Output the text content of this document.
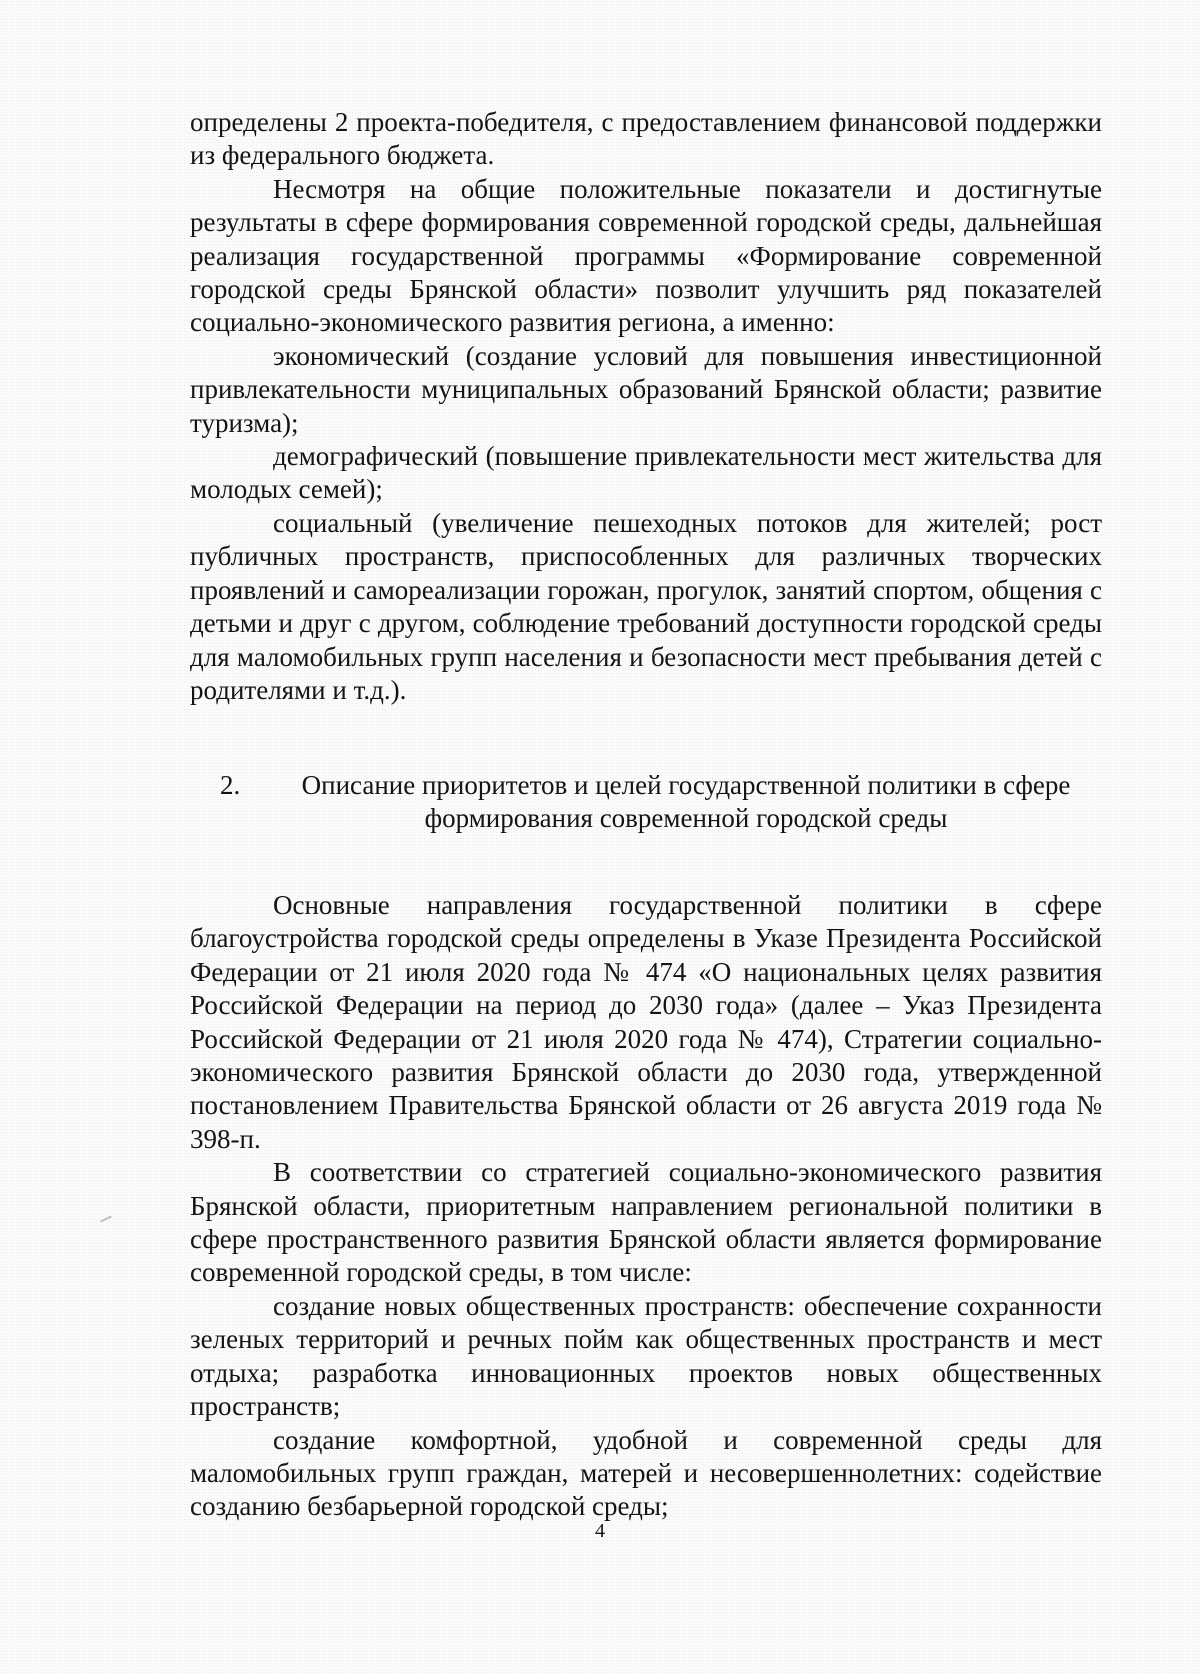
определены 2 проекта-победителя, с предоставлением финансовой поддержки из федерального бюджета.

Несмотря на общие положительные показатели и достигнутые результаты в сфере формирования современной городской среды, дальнейшая реализация государственной программы «Формирование современной городской среды Брянской области» позволит улучшить ряд показателей социально-экономического развития региона, а именно:

экономический (создание условий для повышения инвестиционной привлекательности муниципальных образований Брянской области; развитие туризма);

демографический (повышение привлекательности мест жительства для молодых семей);

социальный (увеличение пешеходных потоков для жителей; рост публичных пространств, приспособленных для различных творческих проявлений и самореализации горожан, прогулок, занятий спортом, общения с детьми и друг с другом, соблюдение требований доступности городской среды для маломобильных групп населения и безопасности мест пребывания детей с родителями и т.д.).

2.	Описание приоритетов и целей государственной политики в сфере формирования современной городской среды

Основные направления государственной политики в сфере благоустройства городской среды определены в Указе Президента Российской Федерации от 21 июля 2020 года № 474 «О национальных целях развития Российской Федерации на период до 2030 года» (далее – Указ Президента Российской Федерации от 21 июля 2020 года № 474), Стратегии социально-экономического развития Брянской области до 2030 года, утвержденной постановлением Правительства Брянской области от 26 августа 2019 года № 398-п.

В соответствии со стратегией социально-экономического развития Брянской области, приоритетным направлением региональной политики в сфере пространственного развития Брянской области является формирование современной городской среды, в том числе:

создание новых общественных пространств: обеспечение сохранности зеленых территорий и речных пойм как общественных пространств и мест отдыха; разработка инновационных проектов новых общественных пространств;

создание комфортной, удобной и современной среды для маломобильных групп граждан, матерей и несовершеннолетних: содействие созданию безбарьерной городской среды;

4
